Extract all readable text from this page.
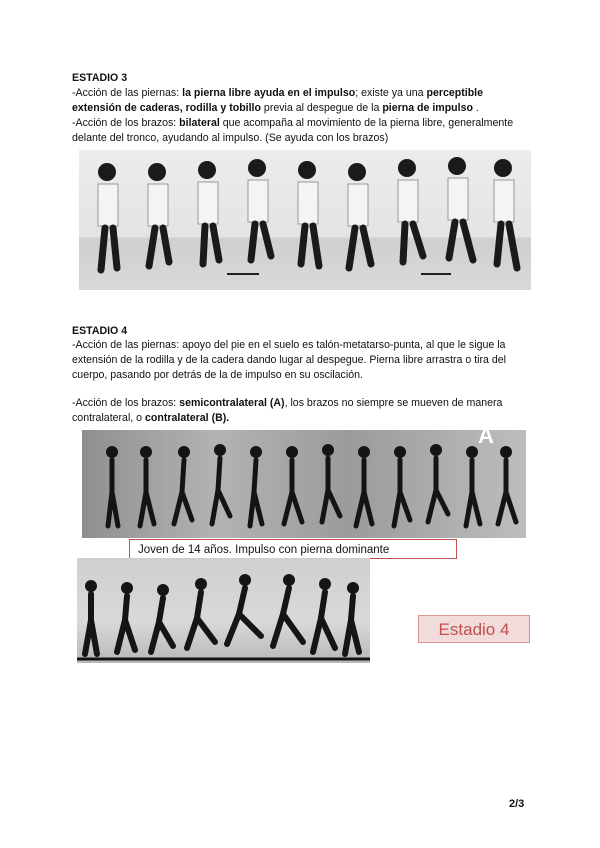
ESTADIO 3

-Acción de las piernas: la pierna libre ayuda en el impulso; existe ya una perceptible extensión de caderas, rodilla y tobillo previa al despegue de la pierna de impulso .

-Acción de los brazos: bilateral que acompaña al movimiento de la pierna libre, generalmente delante del tronco, ayudando al impulso. (Se ayuda con los brazos)

ESTADIO 4

-Acción de las piernas: apoyo del pie en el suelo es talón-metatarso-punta, al que le sigue la extensión de la rodilla y de la cadera dando lugar al despegue. Pierna libre arrastra o tira del cuerpo, pasando por detrás de la de impulso en su oscilación.

-Acción de los brazos: semicontralateral (A), los brazos no siempre se mueven de manera contralateral, o contralateral (B).

A
Joven de 14 años. Impulso con pierna dominante
Estadio 4
2/3
